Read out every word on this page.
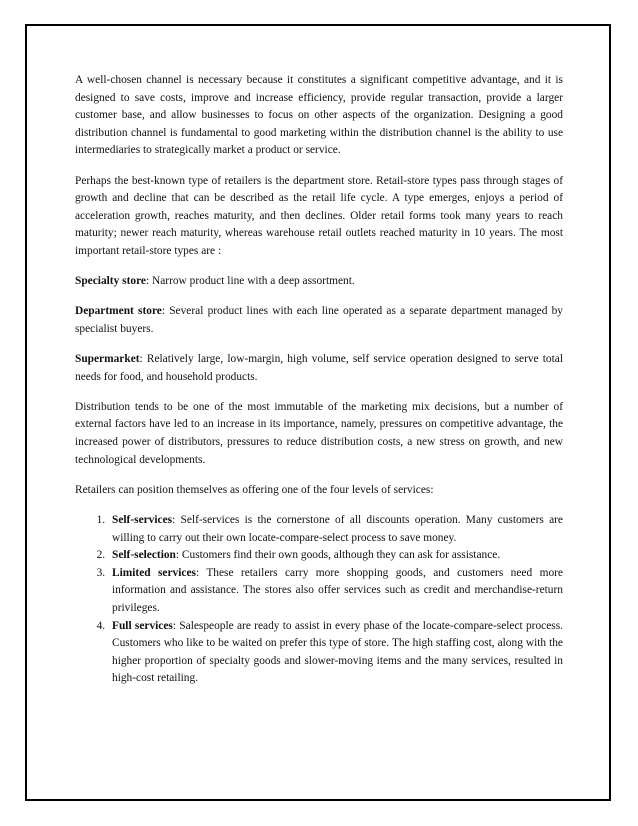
A well-chosen channel is necessary because it constitutes a significant competitive advantage, and it is designed to save costs, improve and increase efficiency, provide regular transaction, provide a larger customer base, and allow businesses to focus on other aspects of the organization. Designing a good distribution channel is fundamental to good marketing within the distribution channel is the ability to use intermediaries to strategically market a product or service.

Perhaps the best-known type of retailers is the department store. Retail-store types pass through stages of growth and decline that can be described as the retail life cycle. A type emerges, enjoys a period of acceleration growth, reaches maturity, and then declines. Older retail forms took many years to reach maturity; newer reach maturity, whereas warehouse retail outlets reached maturity in 10 years. The most important retail-store types are :

Specialty store: Narrow product line with a deep assortment.

Department store: Several product lines with each line operated as a separate department managed by specialist buyers.

Supermarket: Relatively large, low-margin, high volume, self service operation designed to serve total needs for food, and household products.

Distribution tends to be one of the most immutable of the marketing mix decisions, but a number of external factors have led to an increase in its importance, namely, pressures on competitive advantage, the increased power of distributors, pressures to reduce distribution costs, a new stress on growth, and new technological developments.

Retailers can position themselves as offering one of the four levels of services:

1. Self-services: Self-services is the cornerstone of all discounts operation. Many customers are willing to carry out their own locate-compare-select process to save money.
2. Self-selection: Customers find their own goods, although they can ask for assistance.
3. Limited services: These retailers carry more shopping goods, and customers need more information and assistance. The stores also offer services such as credit and merchandise-return privileges.
4. Full services: Salespeople are ready to assist in every phase of the locate-compare-select process. Customers who like to be waited on prefer this type of store. The high staffing cost, along with the higher proportion of specialty goods and slower-moving items and the many services, resulted in high-cost retailing.
